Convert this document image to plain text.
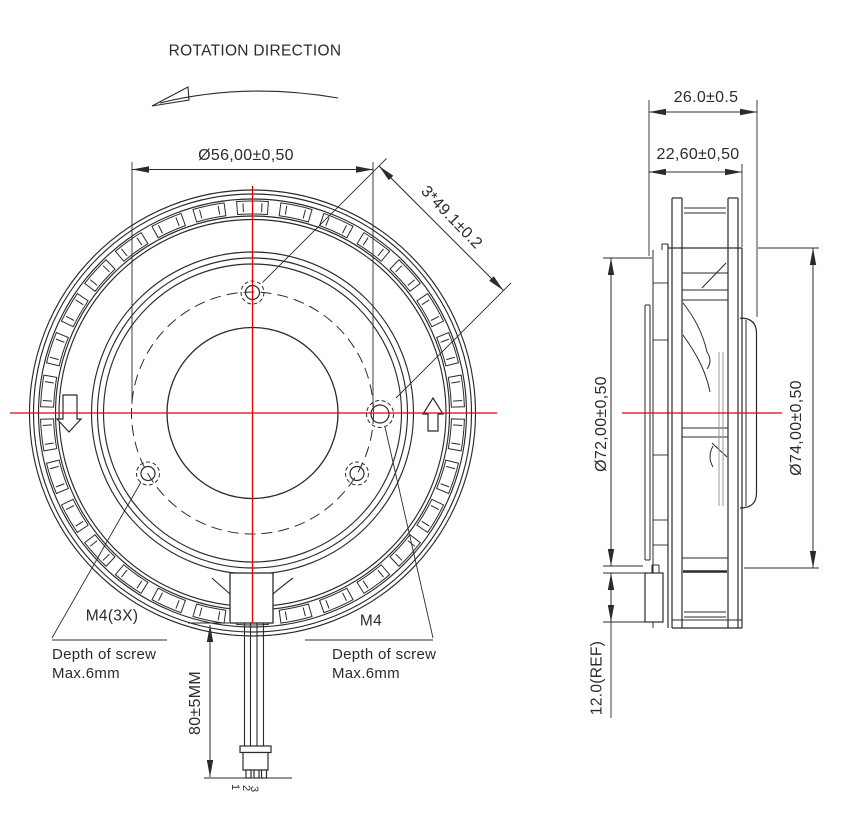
ROTATION DIRECTION
Ø56,00±0,50
3*49.1±0.2
M4(3X)	M4
Depth of screw
Max.6mm
Depth of screw
Max.6mm
80±5MM
1 2
3
26.0±0.5
22,60±0,50
Ø72,00±0,50	Ø74,00±0,50
12.0(REF)
